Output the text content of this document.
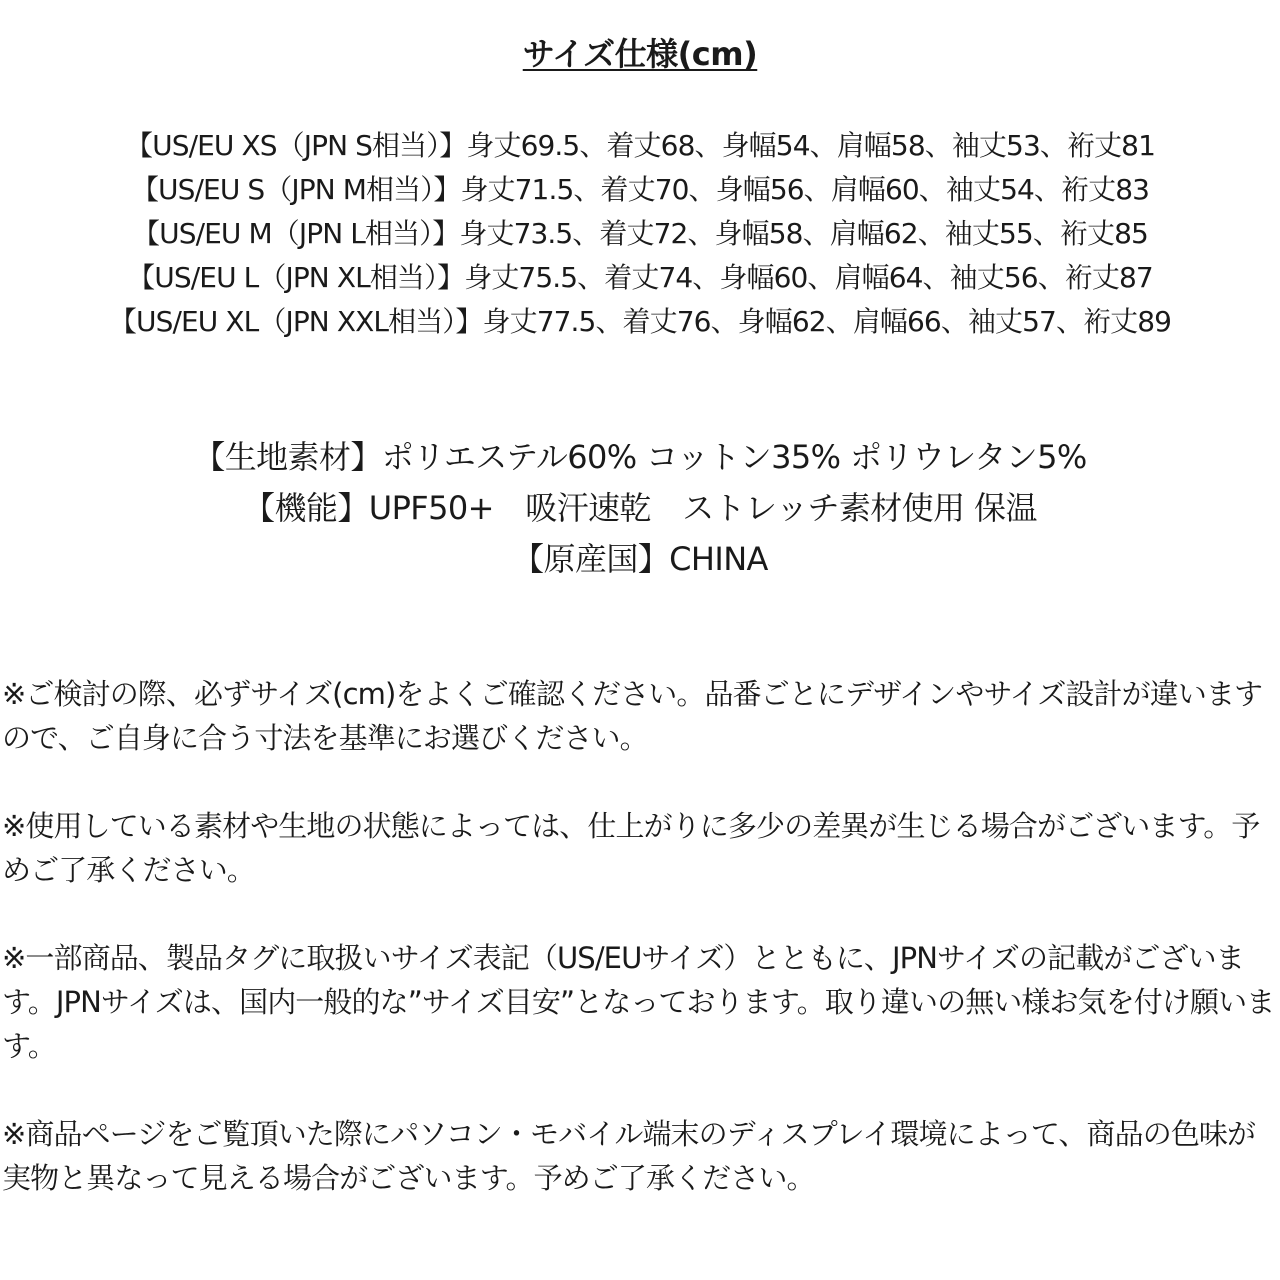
サイズ仕様(cm)
【US/EU XS（JPN S相当）】身丈69.5、着丈68、身幅54、肩幅58、袖丈53、裄丈81
【US/EU S（JPN M相当）】身丈71.5、着丈70、身幅56、肩幅60、袖丈54、裄丈83
【US/EU M（JPN L相当）】身丈73.5、着丈72、身幅58、肩幅62、袖丈55、裄丈85
【US/EU L（JPN XL相当）】身丈75.5、着丈74、身幅60、肩幅64、袖丈56、裄丈87
【US/EU XL（JPN XXL相当）】身丈77.5、着丈76、身幅62、肩幅66、袖丈57、裄丈89
【生地素材】ポリエステル60% コットン35% ポリウレタン5%
【機能】UPF50+　吸汗速乾　ストレッチ素材使用 保温
【原産国】CHINA

※ご検討の際、必ずサイズ(cm)をよくご確認ください。品番ごとにデザインやサイズ設計が違いますので、ご自身に合う寸法を基準にお選びください。

※使用している素材や生地の状態によっては、仕上がりに多少の差異が生じる場合がございます。予めご了承ください。

※一部商品、製品タグに取扱いサイズ表記（US/EUサイズ）とともに、JPNサイズの記載がございます。JPNサイズは、国内一般的な”サイズ目安”となっております。取り違いの無い様お気を付け願います。

※商品ページをご覧頂いた際にパソコン・モバイル端末のディスプレイ環境によって、商品の色味が実物と異なって見える場合がございます。予めご了承ください。
